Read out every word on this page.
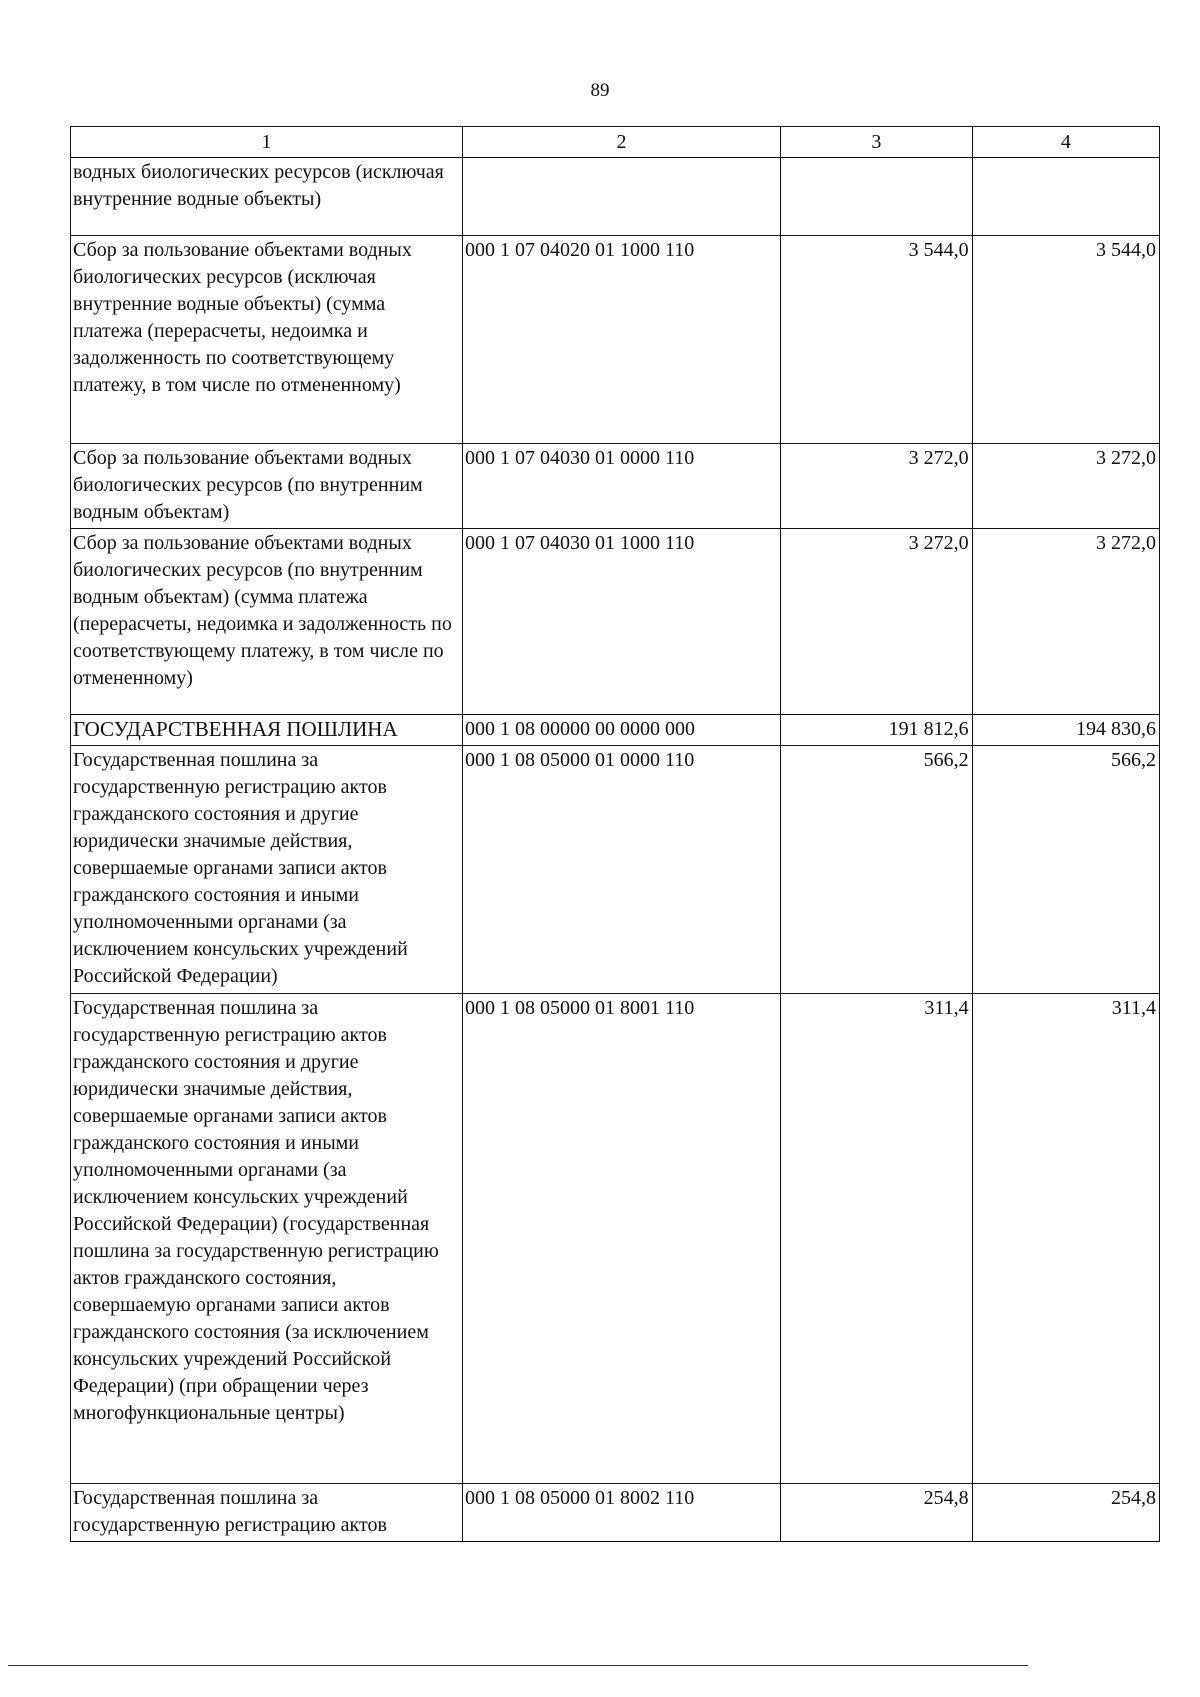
89
1	2	3	4
водных биологических ресурсов (исключая внутренние водные объекты)			
Сбор за пользование объектами водных биологических ресурсов (исключая внутренние водные объекты) (сумма платежа (перерасчеты, недоимка и задолженность по соответствующему платежу, в том числе по отмененному)	000 1 07 04020 01 1000 110	3 544,0	3 544,0
Сбор за пользование объектами водных биологических ресурсов (по внутренним водным объектам)	000 1 07 04030 01 0000 110	3 272,0	3 272,0
Сбор за пользование объектами водных биологических ресурсов (по внутренним водным объектам) (сумма платежа (перерасчеты, недоимка и задолженность по соответствующему платежу, в том числе по отмененному)	000 1 07 04030 01 1000 110	3 272,0	3 272,0
ГОСУДАРСТВЕННАЯ ПОШЛИНА	000 1 08 00000 00 0000 000	191 812,6	194 830,6
Государственная пошлина за государственную регистрацию актов гражданского состояния и другие юридически значимые действия, совершаемые органами записи актов гражданского состояния и иными уполномоченными органами (за исключением консульских учреждений Российской Федерации)	000 1 08 05000 01 0000 110	566,2	566,2
Государственная пошлина за государственную регистрацию актов гражданского состояния и другие юридически значимые действия, совершаемые органами записи актов гражданского состояния и иными уполномоченными органами (за исключением консульских учреждений Российской Федерации) (государственная пошлина за государственную регистрацию актов гражданского состояния, совершаемую органами записи актов гражданского состояния (за исключением консульских учреждений Российской Федерации) (при обращении через многофункциональные центры)	000 1 08 05000 01 8001 110	311,4	311,4
Государственная пошлина за государственную регистрацию актов	000 1 08 05000 01 8002 110	254,8	254,8
